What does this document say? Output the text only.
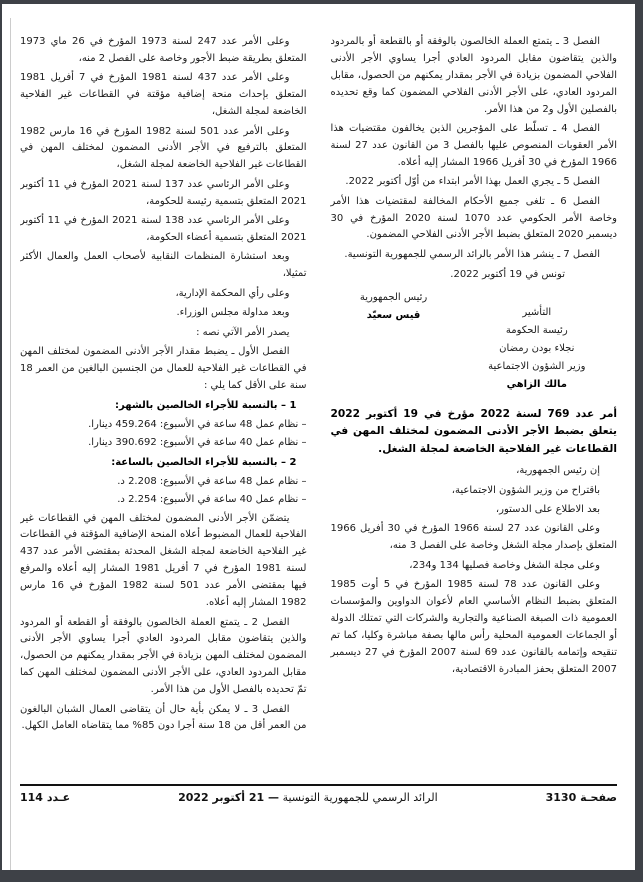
الفصل 3 ـ يتمتع العملة الخالصون بالوفقة أو بالقطعة أو بالمردود والذين يتقاضون مقابل المردود العادي أجرا يساوي الأجر الأدنى الفلاحي المضمون بزيادة في الأجر بمقدار يمكنهم من الحصول، مقابل المردود العادي، على الأجر الأدنى الفلاحي المضمون كما وقع تحديده بالفصلين الأول و2 من هذا الأمر.

الفصل 4 ـ تسلّط على المؤجرين الذين يخالفون مقتضيات هذا الأمر العقوبات المنصوص عليها بالفصل 3 من القانون عدد 27 لسنة 1966 المؤرخ في 30 أفريل 1966 المشار إليه أعلاه.

الفصل 5 ـ يجري العمل بهذا الأمر ابتداء من أوّل أكتوبر 2022.

الفصل 6 ـ تلغى جميع الأحكام المخالفة لمقتضيات هذا الأمر وخاصة الأمر الحكومي عدد 1070 لسنة 2020 المؤرخ في 30 ديسمبر 2020 المتعلق بضبط الأجر الأدنى الفلاحي المضمون.

الفصل 7 ـ ينشر هذا الأمر بالرائد الرسمي للجمهورية التونسية.

تونس في 19 أكتوبر 2022.

التأشير

رئيسة الحكومة

نجلاء بودن رمضان

وزير الشؤون الاجتماعية

مالك الزاهي

رئيس الجمهورية

قيس سعيّد

أمر عدد 769 لسنة 2022 مؤرخ في 19 أكتوبر 2022 يتعلق بضبط الأجر الأدنى المضمون لمختلف المهن في القطاعات غير الفلاحية الخاضعة لمجلة الشغل.

إن رئيس الجمهورية،

باقتراح من وزير الشؤون الاجتماعية،

بعد الاطلاع على الدستور،

وعلى القانون عدد 27 لسنة 1966 المؤرخ في 30 أفريل 1966 المتعلق بإصدار مجلة الشغل وخاصة على الفصل 3 منه،

وعلى مجلة الشغل وخاصة فصليها 134 و234،

وعلى القانون عدد 78 لسنة 1985 المؤرخ في 5 أوت 1985 المتعلق بضبط النظام الأساسي العام لأعوان الدواوين والمؤسسات العمومية ذات الصبغة الصناعية والتجارية والشركات التي تمتلك الدولة أو الجماعات العمومية المحلية رأس مالها بصفة مباشرة وكليا، كما تم تنقيحه وإتمامه بالقانون عدد 69 لسنة 2007 المؤرخ في 27 ديسمبر 2007 المتعلق بحفز المبادرة الاقتصادية،

وعلى الأمر عدد 247 لسنة 1973 المؤرخ في 26 ماي 1973 المتعلق بطريقة ضبط الأجور وخاصة على الفصل 2 منه،

وعلى الأمر عدد 437 لسنة 1981 المؤرخ في 7 أفريل 1981 المتعلق بإحداث منحة إضافية مؤقتة في القطاعات غير الفلاحية الخاضعة لمجلة الشغل،

وعلى الأمر عدد 501 لسنة 1982 المؤرخ في 16 مارس 1982 المتعلق بالترفيع في الأجر الأدنى المضمون لمختلف المهن في القطاعات غير الفلاحية الخاضعة لمجلة الشغل،

وعلى الأمر الرئاسي عدد 137 لسنة 2021 المؤرخ في 11 أكتوبر 2021 المتعلق بتسمية رئيسة للحكومة،

وعلى الأمر الرئاسي عدد 138 لسنة 2021 المؤرخ في 11 أكتوبر 2021 المتعلق بتسمية أعضاء الحكومة،

وبعد استشارة المنظمات النقابية لأصحاب العمل والعمال الأكثر تمثيلا،

وعلى رأي المحكمة الإدارية،

وبعد مداولة مجلس الوزراء.

يصدر الأمر الآتي نصه :

الفصل الأول ـ يضبط مقدار الأجر الأدنى المضمون لمختلف المهن في القطاعات غير الفلاحية للعمال من الجنسين البالغين من العمر 18 سنة على الأقل كما يلي :

1 – بالنسبة للأجراء الخالصين بالشهر:

– نظام عمل 48 ساعة في الأسبوع: 459.264 دينارا.

– نظام عمل 40 ساعة في الأسبوع: 390.692 دينارا.

2 – بالنسبة للأجراء الخالصين بالساعة:

– نظام عمل 48 ساعة في الأسبوع: 2.208 د.

– نظام عمل 40 ساعة في الأسبوع: 2.254 د.

يتضمّن الأجر الأدنى المضمون لمختلف المهن في القطاعات غير الفلاحية للعمال المضبوط أعلاه المنحة الإضافية المؤقتة في القطاعات غير الفلاحية الخاضعة لمجلة الشغل المحدثة بمقتضى الأمر عدد 437 لسنة 1981 المؤرخ في 7 أفريل 1981 المشار إليه أعلاه والمرفع فيها بمقتضى الأمر عدد 501 لسنة 1982 المؤرخ في 16 مارس 1982 المشار إليه أعلاه.

الفصل 2 ـ يتمتع العملة الخالصون بالوفقة أو القطعة أو المردود والذين يتقاضون مقابل المردود العادي أجرا يساوي الأجر الأدنى المضمون لمختلف المهن بزيادة في الأجر بمقدار يمكنهم من الحصول، مقابل المردود العادي، على الأجر الأدنى المضمون لمختلف المهن كما تمّ تحديده بالفصل الأول من هذا الأمر.

الفصل 3 ـ لا يمكن بأية حال أن يتقاضى العمال الشبان البالغون من العمر أقل من 18 سنة أجرا دون 85% مما يتقاضاه العامل الكهل.

صفحـة 3130
الرائد الرسمي للجمهورية التونسية — 21 أكتوبر 2022
عـدد 114
